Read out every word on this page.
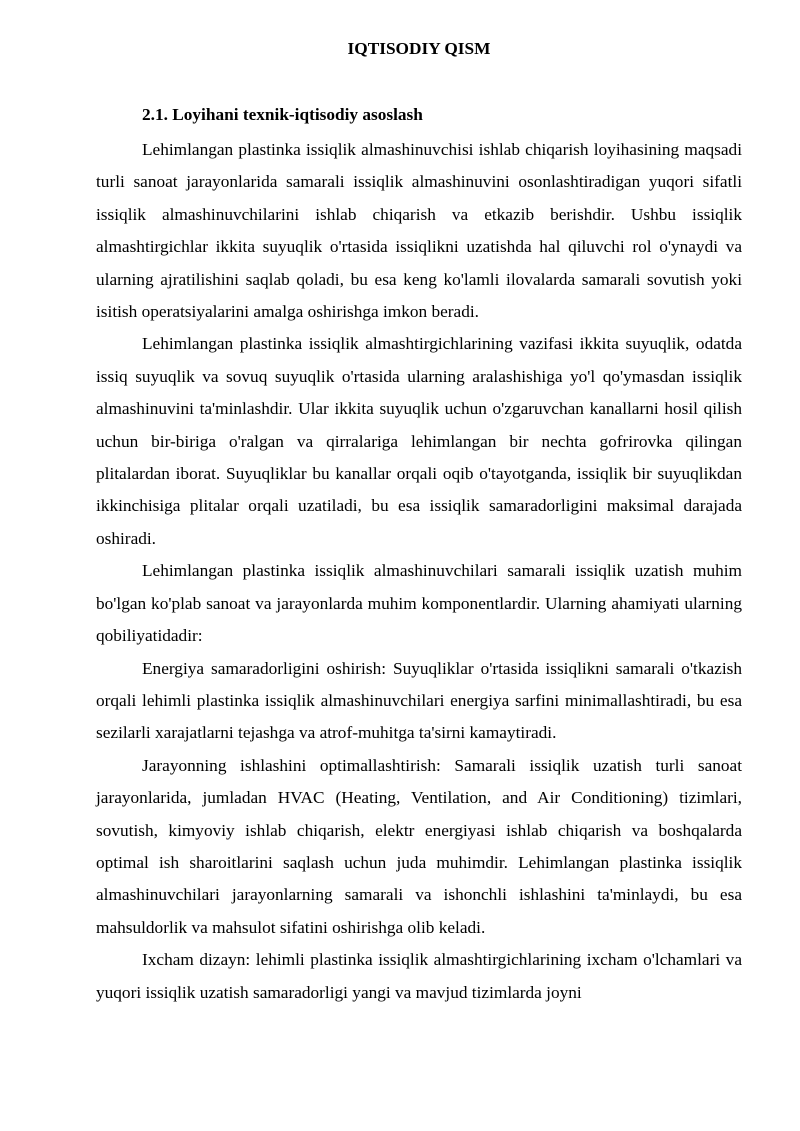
IQTISODIY QISM
2.1. Loyihani texnik-iqtisodiy asoslash

Lehimlangan plastinka issiqlik almashinuvchisi ishlab chiqarish loyihasining maqsadi turli sanoat jarayonlarida samarali issiqlik almashinuvini osonlashtiradigan yuqori sifatli issiqlik almashinuvchilarini ishlab chiqarish va etkazib berishdir. Ushbu issiqlik almashtirgichlar ikkita suyuqlik o'rtasida issiqlikni uzatishda hal qiluvchi rol o'ynaydi va ularning ajratilishini saqlab qoladi, bu esa keng ko'lamli ilovalarda samarali sovutish yoki isitish operatsiyalarini amalga oshirishga imkon beradi.

Lehimlangan plastinka issiqlik almashtirgichlarining vazifasi ikkita suyuqlik, odatda issiq suyuqlik va sovuq suyuqlik o'rtasida ularning aralashishiga yo'l qo'ymasdan issiqlik almashinuvini ta'minlashdir. Ular ikkita suyuqlik uchun o'zgaruvchan kanallarni hosil qilish uchun bir-biriga o'ralgan va qirralariga lehimlangan bir nechta gofrirovka qilingan plitalardan iborat. Suyuqliklar bu kanallar orqali oqib o'tayotganda, issiqlik bir suyuqlikdan ikkinchisiga plitalar orqali uzatiladi, bu esa issiqlik samaradorligini maksimal darajada oshiradi.

Lehimlangan plastinka issiqlik almashinuvchilari samarali issiqlik uzatish muhim bo'lgan ko'plab sanoat va jarayonlarda muhim komponentlardir. Ularning ahamiyati ularning qobiliyatidadir:

Energiya samaradorligini oshirish: Suyuqliklar o'rtasida issiqlikni samarali o'tkazish orqali lehimli plastinka issiqlik almashinuvchilari energiya sarfini minimallashtiradi, bu esa sezilarli xarajatlarni tejashga va atrof-muhitga ta'sirni kamaytiradi.

Jarayonning ishlashini optimallashtirish: Samarali issiqlik uzatish turli sanoat jarayonlarida, jumladan HVAC (Heating, Ventilation, and Air Conditioning) tizimlari, sovutish, kimyoviy ishlab chiqarish, elektr energiyasi ishlab chiqarish va boshqalarda optimal ish sharoitlarini saqlash uchun juda muhimdir. Lehimlangan plastinka issiqlik almashinuvchilari jarayonlarning samarali va ishonchli ishlashini ta'minlaydi, bu esa mahsuldorlik va mahsulot sifatini oshirishga olib keladi.

Ixcham dizayn: lehimli plastinka issiqlik almashtirgichlarining ixcham o'lchamlari va yuqori issiqlik uzatish samaradorligi yangi va mavjud tizimlarda joyni
